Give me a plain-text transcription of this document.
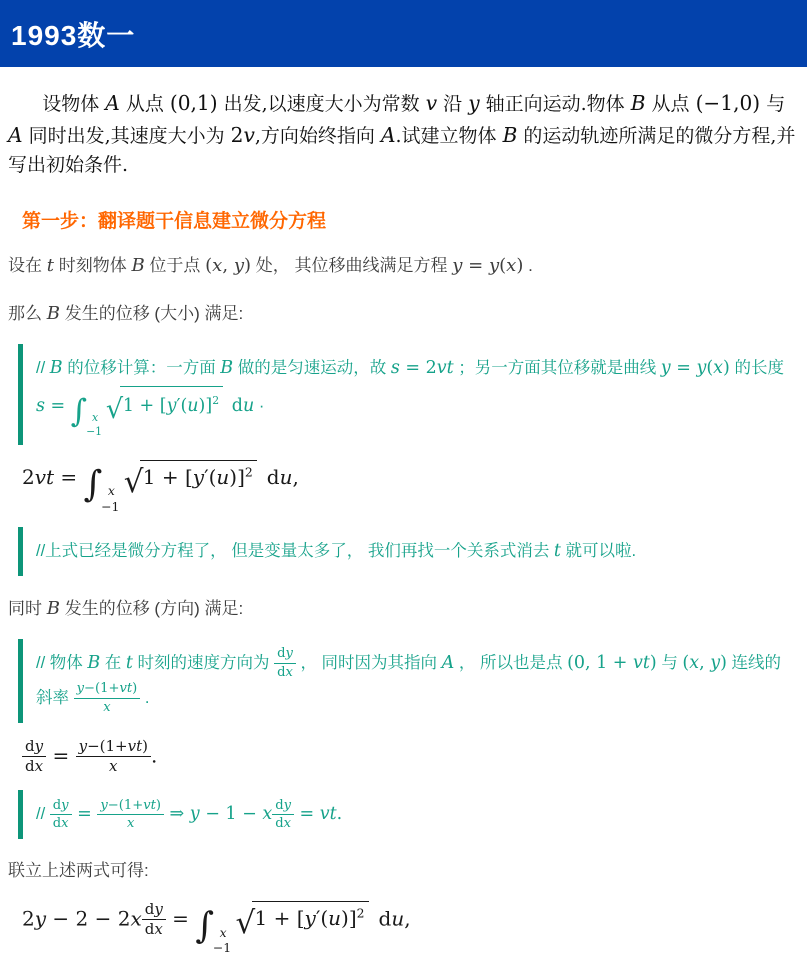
1993数一

设物体 A 从点 (0,1) 出发,以速度大小为常数 v 沿 y 轴正向运动.物体 B 从点 (−1,0) 与 A 同时出发,其速度大小为 2v,方向始终指向 A.试建立物体 B 的运动轨迹所满足的微分方程,并写出初始条件.

第一步：翻译题干信息建立微分方程

设在 t 时刻物体 B 位于点 (x, y) 处， 其位移曲线满足方程 y = y(x) .

那么 B 发生的位移 (大小) 满足:

// B 的位移计算：一方面 B 做的是匀速运动，故 s = 2vt ；另一方面其位移就是曲线 y = y(x) 的长度 s = ∫ x
−1
$√1 + [y'(u)]^2$ du ·
2vt = ∫ x
−1
$√1 + [y'(u)]^2$ du,
//上式已经是微分方程了， 但是变量太多了， 我们再找一个关系式消去 t 就可以啦.

同时 B 发生的位移 (方向) 满足:

// 物体 B 在 t 时刻的速度方向为 $\frac{dy}{dx}$ ， 同时因为其指向 A ， 所以也是点 (0, 1 + vt) 与 (x, y) 连线的斜率 $\frac{y-(1+vt)}{x}$ .
$\frac{dy}{dx} = \frac{y-(1+vt)}{x}$ .
// $\frac{dy}{dx} = \frac{y-(1+vt)}{x}$ ⇒ y − 1 − x $\frac{dy}{dx}$ = vt.

联立上述两式可得:

$2y - 2 - 2x \frac{dy}{dx}$ = ∫ x
−1
$√1 + [y'(u)]^2$ du,
